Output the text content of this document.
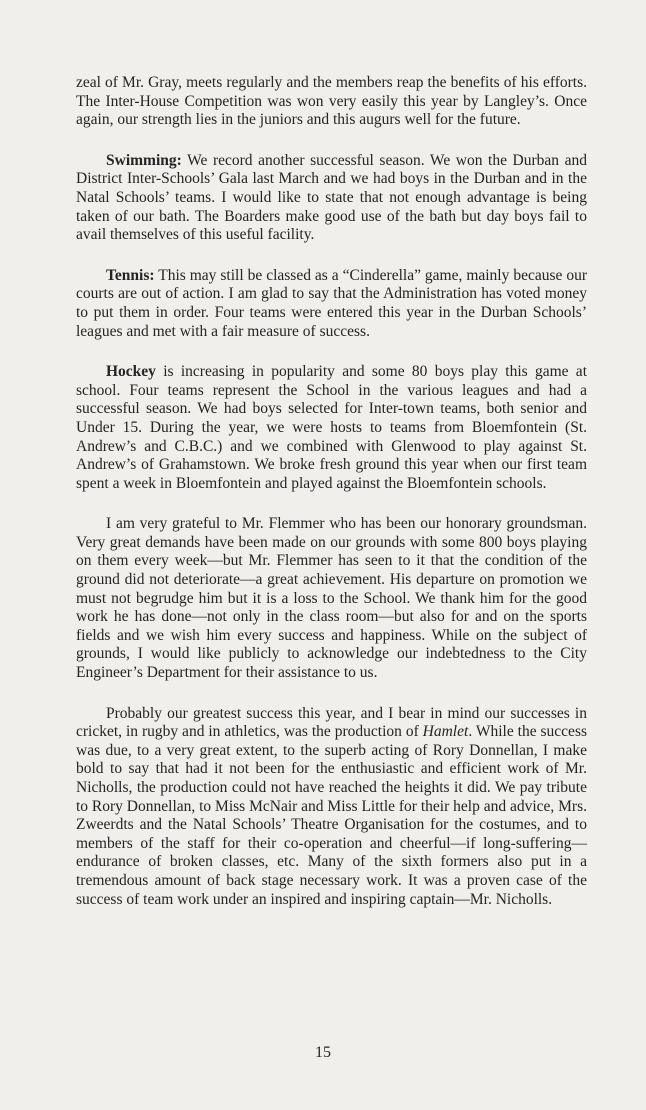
zeal of Mr. Gray, meets regularly and the members reap the benefits of his efforts. The Inter-House Competition was won very easily this year by Langley’s. Once again, our strength lies in the juniors and this augurs well for the future.

Swimming: We record another successful season. We won the Durban and District Inter-Schools’ Gala last March and we had boys in the Durban and in the Natal Schools’ teams. I would like to state that not enough advantage is being taken of our bath. The Boarders make good use of the bath but day boys fail to avail themselves of this useful facility.

Tennis: This may still be classed as a “Cinderella” game, mainly because our courts are out of action. I am glad to say that the Administration has voted money to put them in order. Four teams were entered this year in the Durban Schools’ leagues and met with a fair measure of success.

Hockey is increasing in popularity and some 80 boys play this game at school. Four teams represent the School in the various leagues and had a successful season. We had boys selected for Inter-town teams, both senior and Under 15. During the year, we were hosts to teams from Bloemfontein (St. Andrew’s and C.B.C.) and we combined with Glenwood to play against St. Andrew’s of Grahamstown. We broke fresh ground this year when our first team spent a week in Bloemfontein and played against the Bloemfontein schools.

I am very grateful to Mr. Flemmer who has been our honorary groundsman. Very great demands have been made on our grounds with some 800 boys playing on them every week—but Mr. Flemmer has seen to it that the condition of the ground did not deteriorate—a great achievement. His departure on promotion we must not begrudge him but it is a loss to the School. We thank him for the good work he has done—not only in the class room—but also for and on the sports fields and we wish him every success and happiness. While on the subject of grounds, I would like publicly to acknowledge our indebtedness to the City Engineer’s Department for their assistance to us.

Probably our greatest success this year, and I bear in mind our successes in cricket, in rugby and in athletics, was the production of Hamlet. While the success was due, to a very great extent, to the superb acting of Rory Donnellan, I make bold to say that had it not been for the enthusiastic and efficient work of Mr. Nicholls, the production could not have reached the heights it did. We pay tribute to Rory Donnellan, to Miss McNair and Miss Little for their help and advice, Mrs. Zweerdts and the Natal Schools’ Theatre Organisation for the costumes, and to members of the staff for their co-operation and cheerful—if long-suffering—endurance of broken classes, etc. Many of the sixth formers also put in a tremendous amount of back stage necessary work. It was a proven case of the success of team work under an inspired and inspiring captain—Mr. Nicholls.

15
